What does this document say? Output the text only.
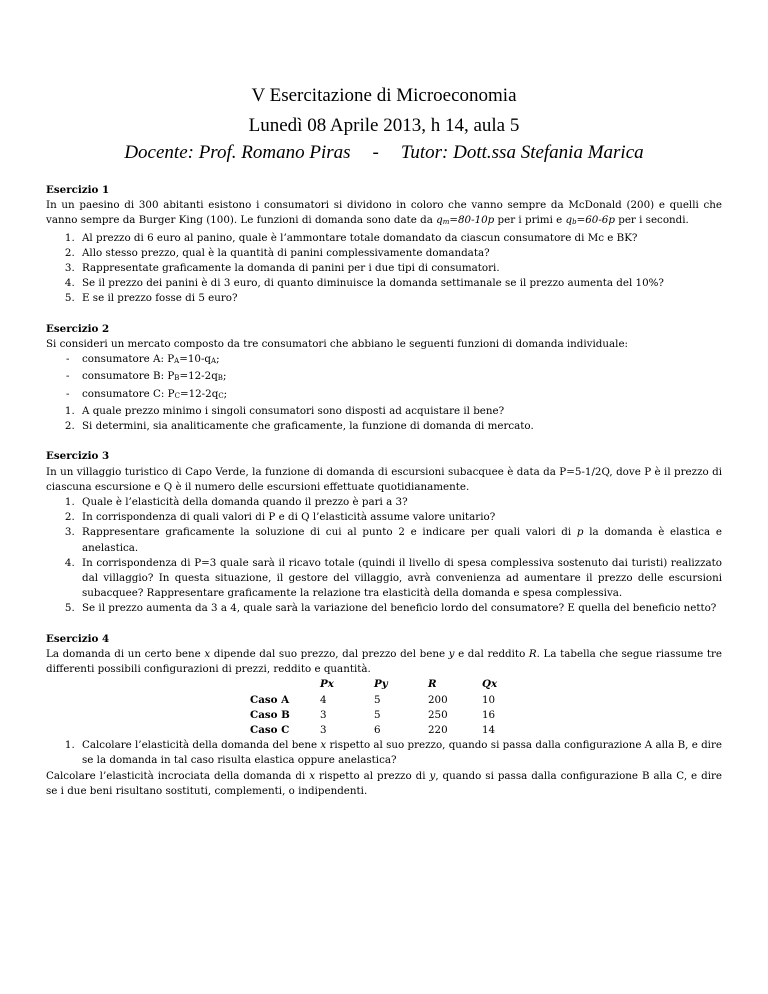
V Esercitazione di Microeconomia
Lunedì 08 Aprile 2013, h 14, aula 5
Docente: Prof. Romano Piras - Tutor: Dott.ssa Stefania Marica
Esercizio 1
In un paesino di 300 abitanti esistono i consumatori si dividono in coloro che vanno sempre da McDonald (200) e quelli che vanno sempre da Burger King (100). Le funzioni di domanda sono date da $q_m=80-10p$ per i primi e $q_b=60-6p$ per i secondi.
1. Al prezzo di 6 euro al panino, quale è l’ammontare totale domandato da ciascun consumatore di Mc e BK?
2. Allo stesso prezzo, qual è la quantità di panini complessivamente domandata?
3. Rappresentate graficamente la domanda di panini per i due tipi di consumatori.
4. Se il prezzo dei panini è di 3 euro, di quanto diminuisce la domanda settimanale se il prezzo aumenta del 10%?
5. E se il prezzo fosse di 5 euro?
Esercizio 2
Si consideri un mercato composto da tre consumatori che abbiano le seguenti funzioni di domanda individuale:
- consumatore A: $P_A=10-q_A$;
- consumatore B: $P_B=12-2q_B$;
- consumatore C: $P_C=12-2q_C$;
1. A quale prezzo minimo i singoli consumatori sono disposti ad acquistare il bene?
2. Si determini, sia analiticamente che graficamente, la funzione di domanda di mercato.
Esercizio 3
In un villaggio turistico di Capo Verde, la funzione di domanda di escursioni subacquee è data da P=5-1/2Q, dove P è il prezzo di ciascuna escursione e Q è il numero delle escursioni effettuate quotidianamente.
1. Quale è l’elasticità della domanda quando il prezzo è pari a 3?
2. In corrispondenza di quali valori di P e di Q l’elasticità assume valore unitario?
3. Rappresentare graficamente la soluzione di cui al punto 2 e indicare per quali valori di p la domanda è elastica e anelastica.
4. In corrispondenza di P=3 quale sarà il ricavo totale (quindi il livello di spesa complessiva sostenuto dai turisti) realizzato dal villaggio? In questa situazione, il gestore del villaggio, avrà convenienza ad aumentare il prezzo delle escursioni subacquee? Rappresentare graficamente la relazione tra elasticità della domanda e spesa complessiva.
5. Se il prezzo aumenta da 3 a 4, quale sarà la variazione del beneficio lordo del consumatore? E quella del beneficio netto?
Esercizio 4
La domanda di un certo bene x dipende dal suo prezzo, dal prezzo del bene y e dal reddito R. La tabella che segue riassume tre differenti possibili configurazioni di prezzi, reddito e quantità.
	Px	Py	R	Qx
Caso A	4	5	200	10
Caso B	3	5	250	16
Caso C	3	6	220	14
1. Calcolare l’elasticità della domanda del bene x rispetto al suo prezzo, quando si passa dalla configurazione A alla B, e dire se la domanda in tal caso risulta elastica oppure anelastica?
Calcolare l’elasticità incrociata della domanda di x rispetto al prezzo di y, quando si passa dalla configurazione B alla C, e dire se i due beni risultano sostituti, complementi, o indipendenti.
